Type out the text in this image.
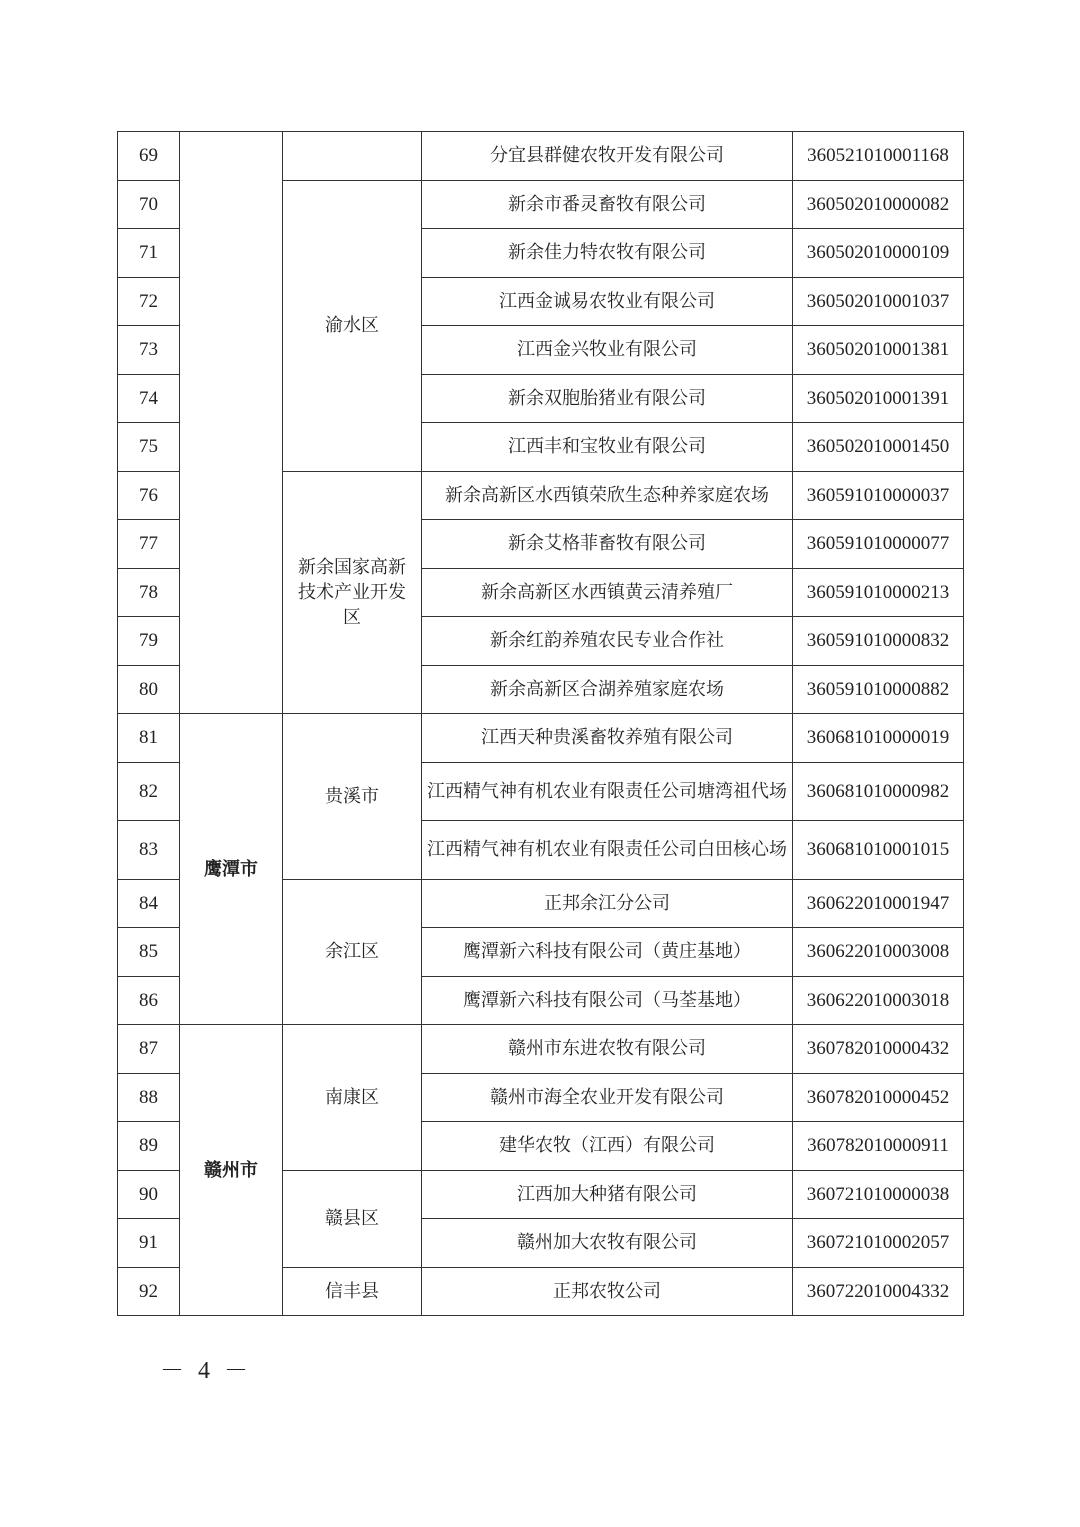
69			分宜县群健农牧开发有限公司	360521010001168
70		渝水区	新余市番灵畜牧有限公司	360502010000082
71			新余佳力特农牧有限公司	360502010000109
72			江西金诚易农牧业有限公司	360502010001037
73			江西金兴牧业有限公司	360502010001381
74			新余双胞胎猪业有限公司	360502010001391
75			江西丰和宝牧业有限公司	360502010001450
76		新余国家高新技术产业开发区	新余高新区水西镇荣欣生态种养家庭农场	360591010000037
77			新余艾格菲畜牧有限公司	360591010000077
78			新余高新区水西镇黄云清养殖厂	360591010000213
79			新余红韵养殖农民专业合作社	360591010000832
80			新余高新区合湖养殖家庭农场	360591010000882
81	鹰潭市	贵溪市	江西天种贵溪畜牧养殖有限公司	360681010000019
82			江西精气神有机农业有限责任公司塘湾祖代场	360681010000982
83			江西精气神有机农业有限责任公司白田核心场	360681010001015
84		余江区	正邦余江分公司	360622010001947
85			鹰潭新六科技有限公司（黄庄基地）	360622010003008
86			鹰潭新六科技有限公司（马荃基地）	360622010003018
87	赣州市	南康区	赣州市东进农牧有限公司	360782010000432
88			赣州市海全农业开发有限公司	360782010000452
89			建华农牧（江西）有限公司	360782010000911
90		赣县区	江西加大种猪有限公司	360721010000038
91			赣州加大农牧有限公司	360721010002057
92		信丰县	正邦农牧公司	360722010004332
－ 4 －
